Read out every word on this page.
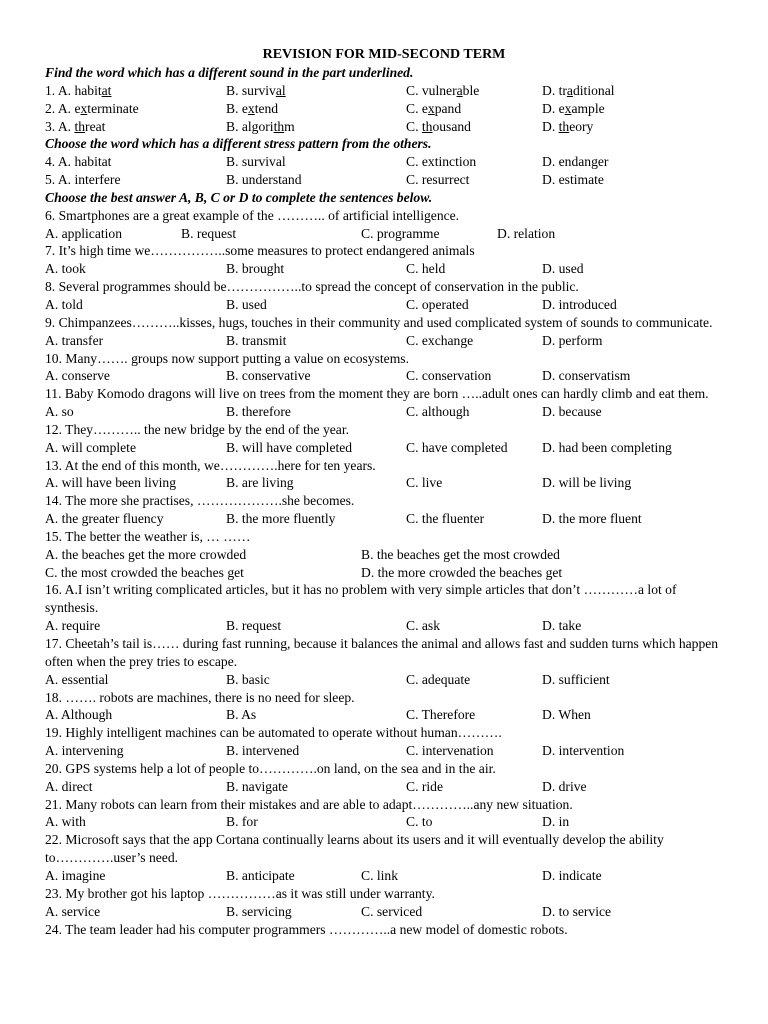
REVISION FOR MID-SECOND TERM
Find the word which has a different sound in the part underlined.
1. A. habitat	B. survival	C. vulnerable	D. traditional
2. A. exterminate	B. extend	C. expand	D. example
3. A. threat	B. algorithm	C. thousand	D. theory
Choose the word which has a different stress pattern from the others.
4. A. habitat	B. survival	C. extinction	D. endanger
5. A. interfere	B. understand	C. resurrect	D. estimate
Choose the best answer A, B, C or D to complete the sentences below.
6. Smartphones are a great example of the ……….. of artificial intelligence.
A. application	B. request	C. programme	D. relation
7. It’s high time we……………..some measures to protect endangered animals
A. took	B. brought	C. held	D. used
8. Several programmes should be……………..to spread the concept of conservation in the public.
A. told	B. used	C. operated	D. introduced
9. Chimpanzees………..kisses, hugs, touches in their community and used complicated system of sounds to communicate.
A. transfer	B. transmit	C. exchange	D. perform
10. Many……. groups now support putting a value on ecosystems.
A. conserve	B. conservative	C. conservation	D. conservatism
11. Baby Komodo dragons will live on trees from the moment they are born …..adult ones can hardly climb and eat them.
A. so	B. therefore	C. although	D. because
12. They……….. the new bridge by the end of the year.
A. will complete	B. will have completed	C. have completed	D. had been completing
13. At the end of this month, we………….here for ten years.
A. will have been living	B. are living	C. live	D. will be living
14. The more she practises, ……………….she becomes.
A. the greater fluency	B. the more fluently	C. the fluenter	D. the more fluent
15. The better the weather is, … ……
A. the beaches get the more crowded	B. the beaches get the most crowded
C. the most crowded the beaches get	D. the more crowded the beaches get
16. A.I isn’t writing complicated articles, but it has no problem with very simple articles that don’t …………a lot of synthesis.
A. require	B. request	C. ask	D. take
17. Cheetah’s tail is…… during fast running, because it balances the animal and allows fast and sudden turns which happen often when the prey tries to escape.
A. essential	B. basic	C. adequate	D. sufficient
18. ……. robots are machines, there is no need for sleep.
A. Although	B. As	C. Therefore	D. When
19. Highly intelligent machines can be automated to operate without human……….
A. intervening	B. intervened	C. intervenation	D. intervention
20. GPS systems help a lot of people to………….on land, on the sea and in the air.
A. direct	B. navigate	C. ride	D. drive
21. Many robots can learn from their mistakes and are able to adapt…………..any new situation.
A. with	B. for	C. to	D. in
22. Microsoft says that the app Cortana continually learns about its users and it will eventually develop the ability to………….user’s need.
A. imagine	B. anticipate	C. link	D. indicate
23. My brother got his laptop ……………as it was still under warranty.
A. service	B. servicing	C. serviced	D. to service
24. The team leader had his computer programmers …………..a new model of domestic robots.
